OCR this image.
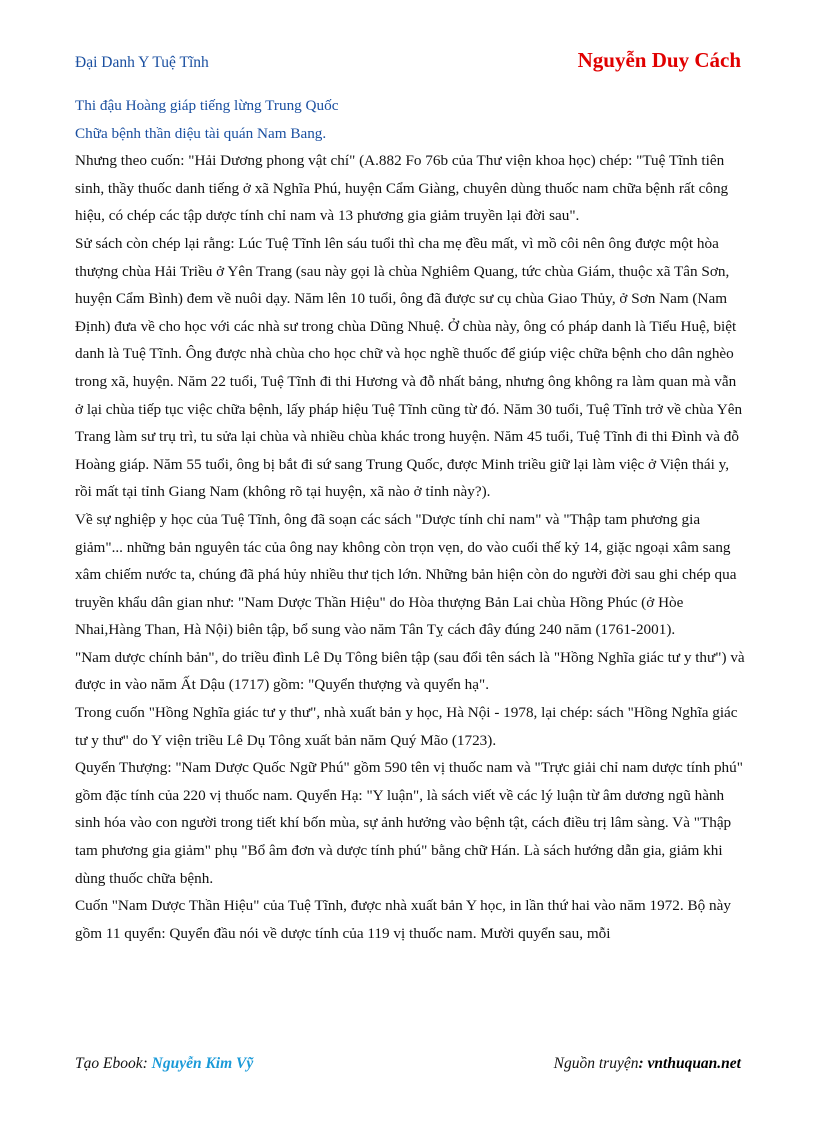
Đại Danh Y Tuệ Tĩnh	Nguyễn Duy Cách

Thi đậu Hoàng giáp tiếng lừng Trung Quốc

Chữa bệnh thần diệu tài quán Nam Bang.

Nhưng theo cuốn: "Hải Dương phong vật chí" (A.882 Fo 76b của Thư viện khoa học) chép: "Tuệ Tĩnh tiên sinh, thầy thuốc danh tiếng ở xã Nghĩa Phú, huyện Cẩm Giàng, chuyên dùng thuốc nam chữa bệnh rất công hiệu, có chép các tập dược tính chỉ nam và 13 phương gia giảm truyền lại đời sau".

Sử sách còn chép lại rằng: Lúc Tuệ Tĩnh lên sáu tuổi thì cha mẹ đều mất, vì mồ côi nên ông được một hòa thượng chùa Hải Triều ở Yên Trang (sau này gọi là chùa Nghiêm Quang, tức chùa Giám, thuộc xã Tân Sơn, huyện Cẩm Bình) đem về nuôi dạy. Năm lên 10 tuổi, ông đã được sư cụ chùa Giao Thủy, ở Sơn Nam (Nam Định) đưa về cho học với các nhà sư trong chùa Dũng Nhuệ. Ở chùa này, ông có pháp danh là Tiểu Huệ, biệt danh là Tuệ Tĩnh. Ông được nhà chùa cho học chữ và học nghề thuốc để giúp việc chữa bệnh cho dân nghèo trong xã, huyện. Năm 22 tuổi, Tuệ Tĩnh đi thi Hương và đỗ nhất bảng, nhưng ông không ra làm quan mà vẫn ở lại chùa tiếp tục việc chữa bệnh, lấy pháp hiệu Tuệ Tĩnh cũng từ đó. Năm 30 tuổi, Tuệ Tĩnh trở về chùa Yên Trang làm sư trụ trì, tu sửa lại chùa và nhiều chùa khác trong huyện. Năm 45 tuổi, Tuệ Tĩnh đi thi Đình và đỗ Hoàng giáp. Năm 55 tuổi, ông bị bắt đi sứ sang Trung Quốc, được Minh triều giữ lại làm việc ở Viện thái y, rồi mất tại tỉnh Giang Nam (không rõ tại huyện, xã nào ở tỉnh này?).

Về sự nghiệp y học của Tuệ Tĩnh, ông đã soạn các sách "Dược tính chỉ nam" và "Thập tam phương gia giảm"... những bản nguyên tác của ông nay không còn trọn vẹn, do vào cuối thế kỷ 14, giặc ngoại xâm sang xâm chiếm nước ta, chúng đã phá hủy nhiều thư tịch lớn. Những bản hiện còn do người đời sau ghi chép qua truyền khẩu dân gian như: "Nam Dược Thần Hiệu" do Hòa thượng Bản Lai chùa Hồng Phúc (ở Hòe Nhai,Hàng Than, Hà Nội) biên tập, bổ sung vào năm Tân Tỵ cách đây đúng 240 năm (1761-2001).

"Nam dược chính bản", do triều đình Lê Dụ Tông biên tập (sau đổi tên sách là "Hồng Nghĩa giác tư y thư") và được in vào năm Ất Dậu (1717) gồm: "Quyển thượng và quyển hạ".

Trong cuốn "Hồng Nghĩa giác tư y thư", nhà xuất bản y học, Hà Nội - 1978, lại chép: sách "Hồng Nghĩa giác tư y thư" do Y viện triều Lê Dụ Tông xuất bản năm Quý Mão (1723).

Quyển Thượng: "Nam Dược Quốc Ngữ Phú" gồm 590 tên vị thuốc nam và "Trực giải chỉ nam dược tính phú" gồm đặc tính của 220 vị thuốc nam. Quyển Hạ: "Y luận", là sách viết về các lý luận từ âm dương ngũ hành sinh hóa vào con người trong tiết khí bốn mùa, sự ảnh hưởng vào bệnh tật, cách điều trị lâm sàng. Và "Thập tam phương gia giảm" phụ "Bổ âm đơn và dược tính phú" bằng chữ Hán. Là sách hướng dẫn gia, giảm khi dùng thuốc chữa bệnh.

Cuốn "Nam Dược Thần Hiệu" của Tuệ Tĩnh, được nhà xuất bản Y học, in lần thứ hai vào năm 1972. Bộ này gồm 11 quyển: Quyển đầu nói về dược tính của 119 vị thuốc nam. Mười quyển sau, mỗi

Tạo Ebook: Nguyễn Kim Vỹ	Nguồn truyện: vnthuquan.net
